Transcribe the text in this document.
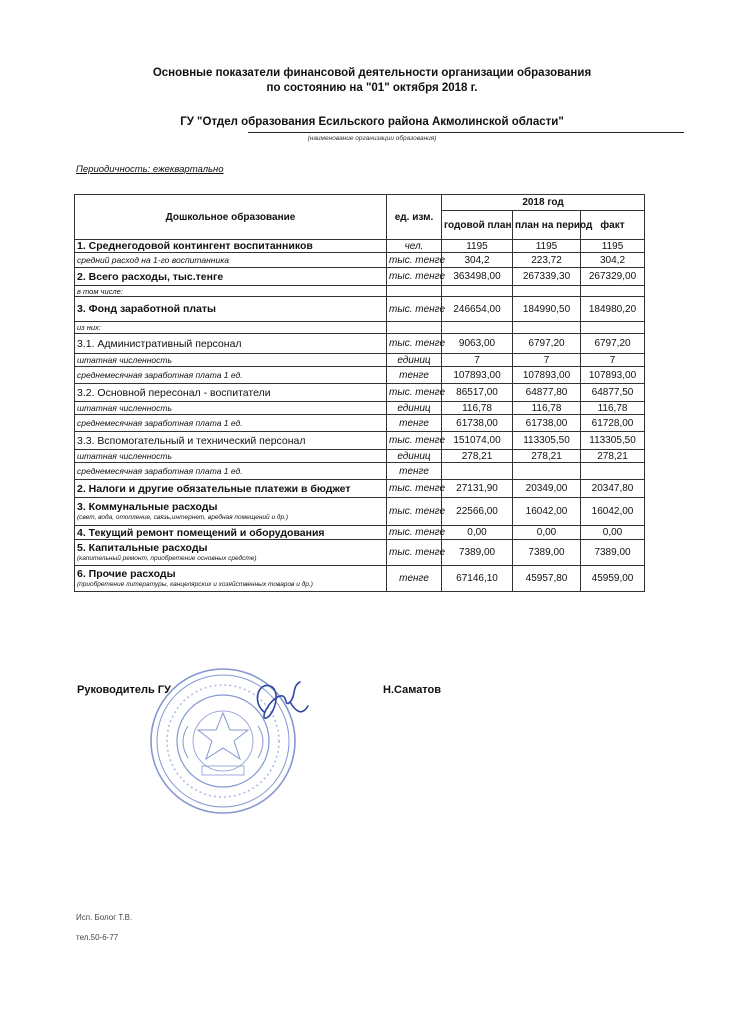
Основные показатели финансовой деятельности организации образования
по состоянию на "01" октября 2018 г.
ГУ "Отдел образования Есильского района Акмолинской области"
(наименование организации образования)
Периодичность: ежеквартально
Дошкольное образование	ед. изм.	2018 год		
		годовой план	план на период	факт

1. Среднегодовой контингент воспитанников	чел.	1195	1195	1195

средний расход на 1-го воспитанника	тыс. тенге	304,2	223,72	304,2

2. Всего расходы, тыс.тенге	тыс. тенге	363498,00	267339,30	267329,00

в том числе:				

3. Фонд заработной платы	тыс. тенге	246654,00	184990,50	184980,20

из них:				

3.1. Административный персонал	тыс. тенге	9063,00	6797,20	6797,20

штатная численность	единиц	7	7	7

среднемесячная заработная плата 1 ед.	тенге	107893,00	107893,00	107893,00

3.2. Основной пересонал - воспитатели	тыс. тенге	86517,00	64877,80	64877,50

штатная численность	единиц	116,78	116,78	116,78

среднемесячная заработная плата 1 ед.	тенге	61738,00	61738,00	61728,00

3.3. Вспомогательный и технический персонал	тыс. тенге	151074,00	113305,50	113305,50

штатная численность	единиц	278,21	278,21	278,21

среднемесячная заработная плата 1 ед.	тенге			

2. Налоги и другие обязательные платежи в бюджет	тыс. тенге	27131,90	20349,00	20347,80

3. Коммунальные расходы
(свет, вода, отопление, связь,интернет, вредная помещений и др.)	тыс. тенге	22566,00	16042,00	16042,00

4. Текущий ремонт помещений и оборудования	тыс. тенге	0,00	0,00	0,00

5. Капитальные расходы
(капительный ремонт, приобретение основных средсте)	тыс. тенге	7389,00	7389,00	7389,00

6. Прочие расходы
(приобретение литературы, канцелярских и хозяйственных товаров и др.)	тенге	67146,10	45957,80	45959,00
Руководитель ГУ	Н.Саматов
Исп. Болог Т.В.
тел.50-6-77
